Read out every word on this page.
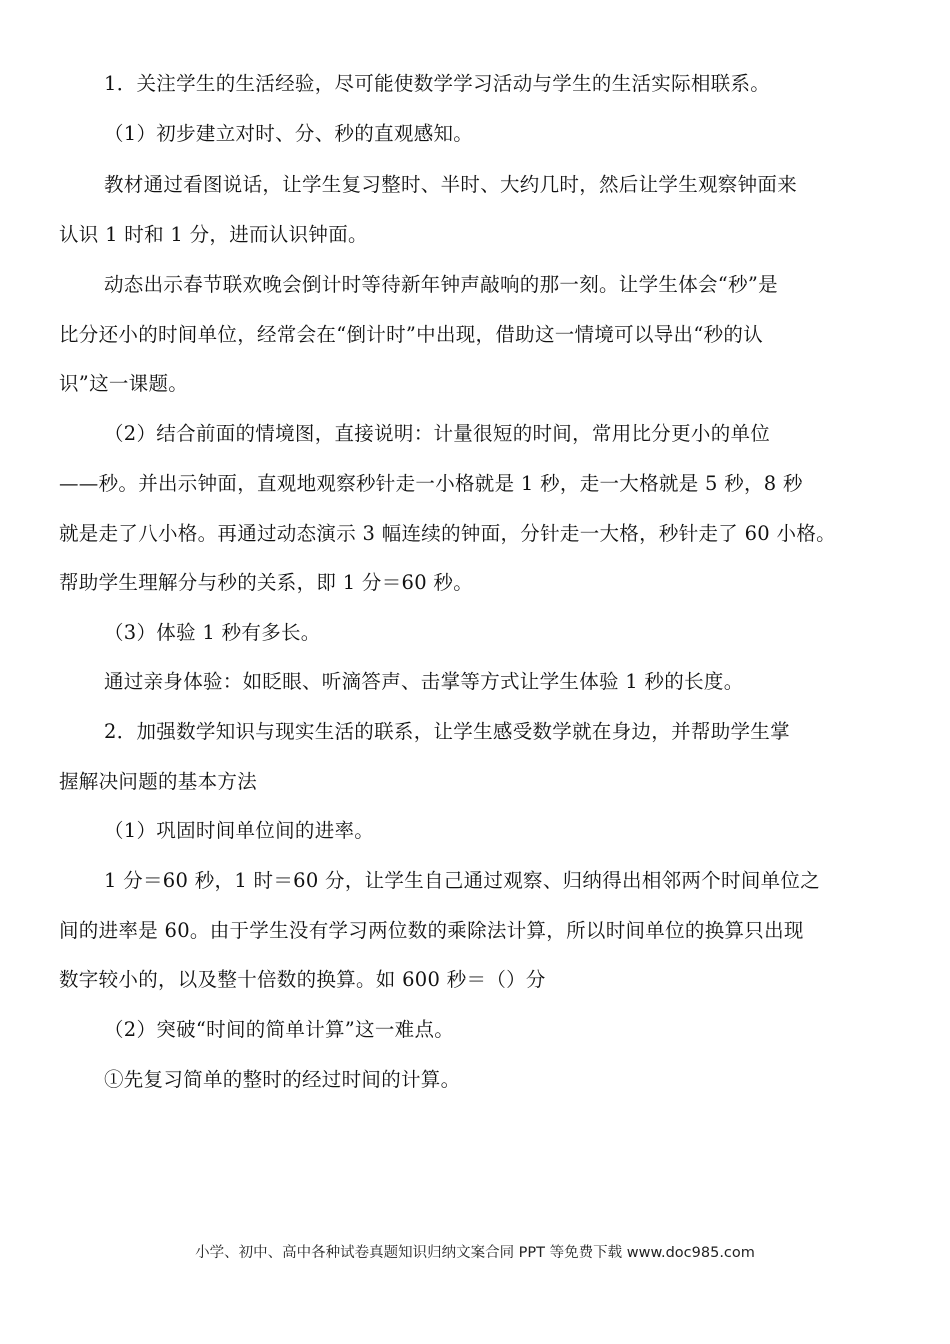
1．关注学生的生活经验，尽可能使数学学习活动与学生的生活实际相联系。
（1）初步建立对时、分、秒的直观感知。
教材通过看图说话，让学生复习整时、半时、大约几时，然后让学生观察钟面来
认识 1 时和 1 分，进而认识钟面。
动态出示春节联欢晚会倒计时等待新年钟声敲响的那一刻。让学生体会“秒”是
比分还小的时间单位，经常会在“倒计时”中出现，借助这一情境可以导出“秒的认
识”这一课题。
（2）结合前面的情境图，直接说明：计量很短的时间，常用比分更小的单位
——秒。并出示钟面，直观地观察秒针走一小格就是 1 秒，走一大格就是 5 秒，8 秒
就是走了八小格。再通过动态演示 3 幅连续的钟面，分针走一大格，秒针走了 60 小格。
帮助学生理解分与秒的关系，即 1 分＝60 秒。
（3）体验 1 秒有多长。
通过亲身体验：如眨眼、听滴答声、击掌等方式让学生体验 1 秒的长度。
2．加强数学知识与现实生活的联系，让学生感受数学就在身边，并帮助学生掌
握解决问题的基本方法
（1）巩固时间单位间的进率。
1 分＝60 秒，1 时＝60 分，让学生自己通过观察、归纳得出相邻两个时间单位之
间的进率是 60。由于学生没有学习两位数的乘除法计算，所以时间单位的换算只出现
数字较小的，以及整十倍数的换算。如 600 秒＝（）分
（2）突破“时间的简单计算”这一难点。
①先复习简单的整时的经过时间的计算。
小学、初中、高中各种试卷真题知识归纳文案合同 PPT 等免费下载 www.doc985.com
